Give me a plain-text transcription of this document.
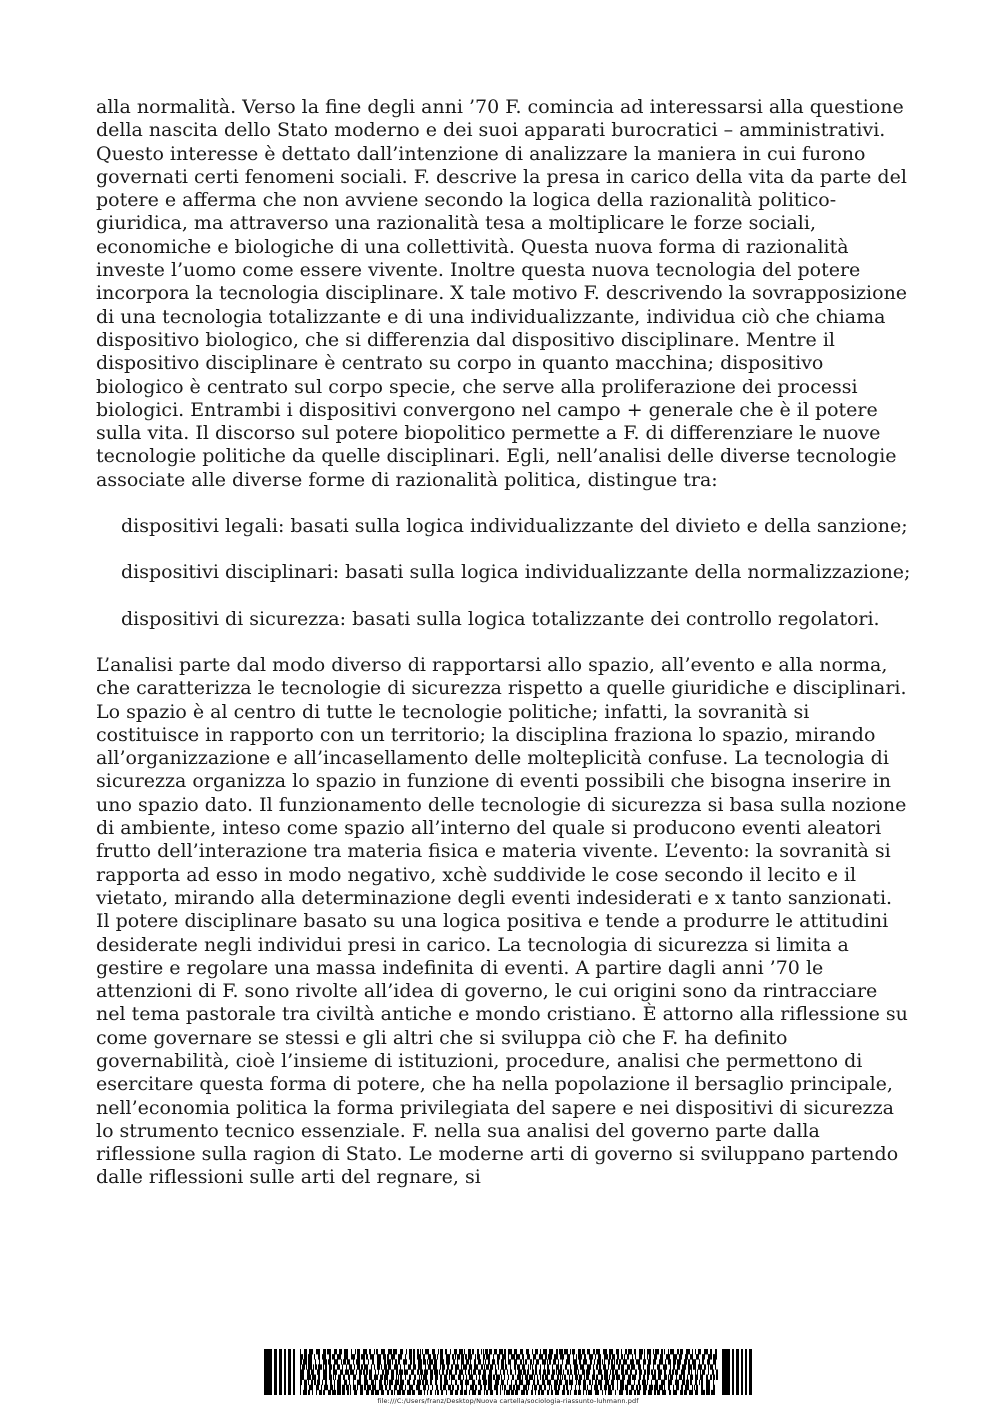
alla normalità. Verso la fine degli anni ’70 F. comincia ad interessarsi alla questione della nascita dello Stato moderno e dei suoi apparati burocratici – amministrativi. Questo interesse è dettato dall’intenzione di analizzare la maniera in cui furono governati certi fenomeni sociali. F. descrive la presa in carico della vita da parte del potere e afferma che non avviene secondo la logica della razionalità politico-giuridica, ma attraverso una razionalità tesa a moltiplicare le forze sociali, economiche e biologiche di una collettività. Questa nuova forma di razionalità investe l’uomo come essere vivente. Inoltre questa nuova tecnologia del potere incorpora la tecnologia disciplinare. X tale motivo F. descrivendo la sovrapposizione di una tecnologia totalizzante e di una individualizzante, individua ciò che chiama dispositivo biologico, che si differenzia dal dispositivo disciplinare. Mentre il dispositivo disciplinare è centrato su corpo in quanto macchina; dispositivo biologico è centrato sul corpo specie, che serve alla proliferazione dei processi biologici. Entrambi i dispositivi convergono nel campo + generale che è il potere sulla vita. Il discorso sul potere biopolitico permette a F. di differenziare le nuove tecnologie politiche da quelle disciplinari. Egli, nell’analisi delle diverse tecnologie associate alle diverse forme di razionalità politica, distingue tra:

dispositivi legali: basati sulla logica individualizzante del divieto e della sanzione;

dispositivi disciplinari: basati sulla logica individualizzante della normalizzazione;

dispositivi di sicurezza: basati sulla logica totalizzante dei controllo regolatori.

L’analisi parte dal modo diverso di rapportarsi allo spazio, all’evento e alla norma, che caratterizza le tecnologie di sicurezza rispetto a quelle giuridiche e disciplinari. Lo spazio è al centro di tutte le tecnologie politiche; infatti, la sovranità si costituisce in rapporto con un territorio; la disciplina fraziona lo spazio, mirando all’organizzazione e all’incasellamento delle molteplicità confuse. La tecnologia di sicurezza organizza lo spazio in funzione di eventi possibili che bisogna inserire in uno spazio dato. Il funzionamento delle tecnologie di sicurezza si basa sulla nozione di ambiente, inteso come spazio all’interno del quale si producono eventi aleatori frutto dell’interazione tra materia fisica e materia vivente. L’evento: la sovranità si rapporta ad esso in modo negativo, xchè suddivide le cose secondo il lecito e il vietato, mirando alla determinazione degli eventi indesiderati e x tanto sanzionati. Il potere disciplinare basato su una logica positiva e tende a produrre le attitudini desiderate negli individui presi in carico. La tecnologia di sicurezza si limita a gestire e regolare una massa indefinita di eventi. A partire dagli anni ’70 le attenzioni di F. sono rivolte all’idea di governo, le cui origini sono da rintracciare nel tema pastorale tra civiltà antiche e mondo cristiano. È attorno alla riflessione su come governare se stessi e gli altri che si sviluppa ciò che F. ha definito governabilità, cioè l’insieme di istituzioni, procedure, analisi che permettono di esercitare questa forma di potere, che ha nella popolazione il bersaglio principale, nell’economia politica la forma privilegiata del sapere e nei dispositivi di sicurezza lo strumento tecnico essenziale. F. nella sua analisi del governo parte dalla riflessione sulla ragion di Stato. Le moderne arti di governo si sviluppano partendo dalle riflessioni sulle arti del regnare, si

file:///C:/Users/franz/Desktop/Nuova cartella/sociologia-riassunto-luhmann.pdf
